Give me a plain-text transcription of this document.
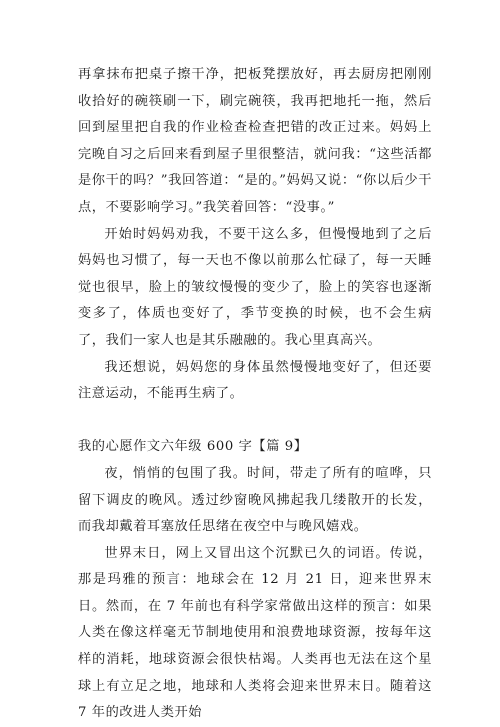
再拿抹布把桌子擦干净，把板凳摆放好，再去厨房把刚刚收拾好的碗筷刷一下，刷完碗筷，我再把地托一拖，然后回到屋里把自我的作业检查检查把错的改正过来。妈妈上完晚自习之后回来看到屋子里很整洁，就问我：“这些活都是你干的吗？”我回答道：“是的。”妈妈又说：“你以后少干点，不要影响学习。”我笑着回答：“没事。”

开始时妈妈劝我，不要干这么多，但慢慢地到了之后妈妈也习惯了，每一天也不像以前那么忙碌了，每一天睡觉也很早，脸上的皱纹慢慢的变少了，脸上的笑容也逐渐变多了，体质也变好了，季节变换的时候，也不会生病了，我们一家人也是其乐融融的。我心里真高兴。

我还想说，妈妈您的身体虽然慢慢地变好了，但还要注意运动，不能再生病了。

我的心愿作文六年级 600 字【篇 9】

夜，悄悄的包围了我。时间，带走了所有的喧哗，只留下调皮的晚风。透过纱窗晚风拂起我几缕散开的长发，而我却戴着耳塞放任思绪在夜空中与晚风嬉戏。

世界末日，网上又冒出这个沉默已久的词语。传说，那是玛雅的预言：地球会在 12 月 21 日，迎来世界末日。然而，在 7 年前也有科学家常做出这样的预言：如果人类在像这样毫无节制地使用和浪费地球资源，按每年这样的消耗，地球资源会很快枯竭。人类再也无法在这个星球上有立足之地，地球和人类将会迎来世界末日。随着这 7 年的改进人类开始
